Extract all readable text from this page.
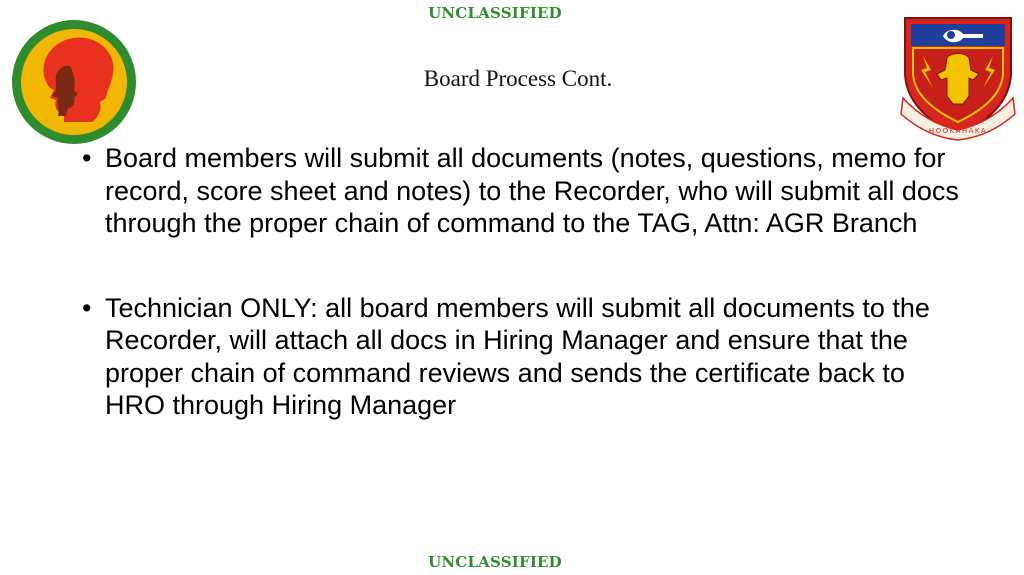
UNCLASSIFIED
Board Process Cont.
HOOKAHAKA
• Board members will submit all documents (notes, questions, memo for record, score sheet and notes) to the Recorder, who will submit all docs through the proper chain of command to the TAG, Attn: AGR Branch
• Technician ONLY: all board members will submit all documents to the Recorder, will attach all docs in Hiring Manager and ensure that the proper chain of command reviews and sends the certificate back to HRO through Hiring Manager
UNCLASSIFIED
